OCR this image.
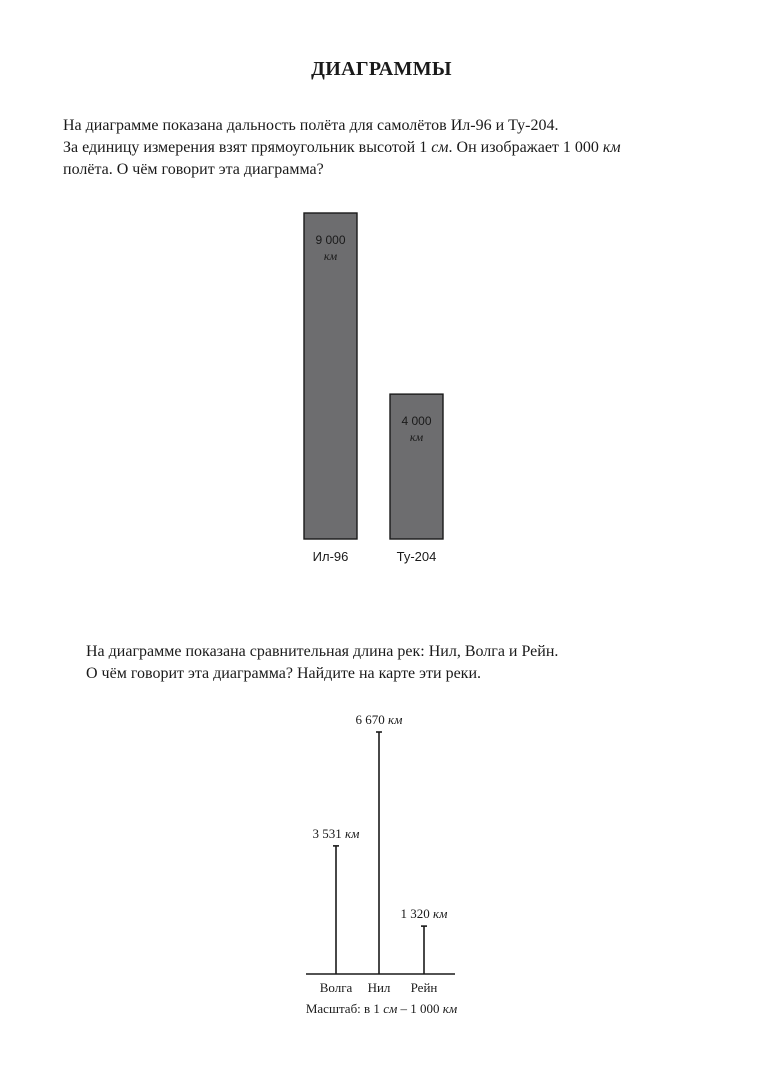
ДИАГРАММЫ
На диаграмме показана дальность полёта для самолётов Ил-96 и Ту-204.
За единицу измерения взят прямоугольник высотой 1 см. Он изображает 1 000 км
полёта. О чём говорит эта диаграмма?
9 000
км
Ил-96
4 000
км
Ту-204
На диаграмме показана сравнительная длина рек: Нил, Волга и Рейн.
О чём говорит эта диаграмма? Найдите на карте эти реки.
3 531 км
Волга
6 670 км
Нил
1 320 км
Рейн
Масштаб: в 1 см – 1 000 км
